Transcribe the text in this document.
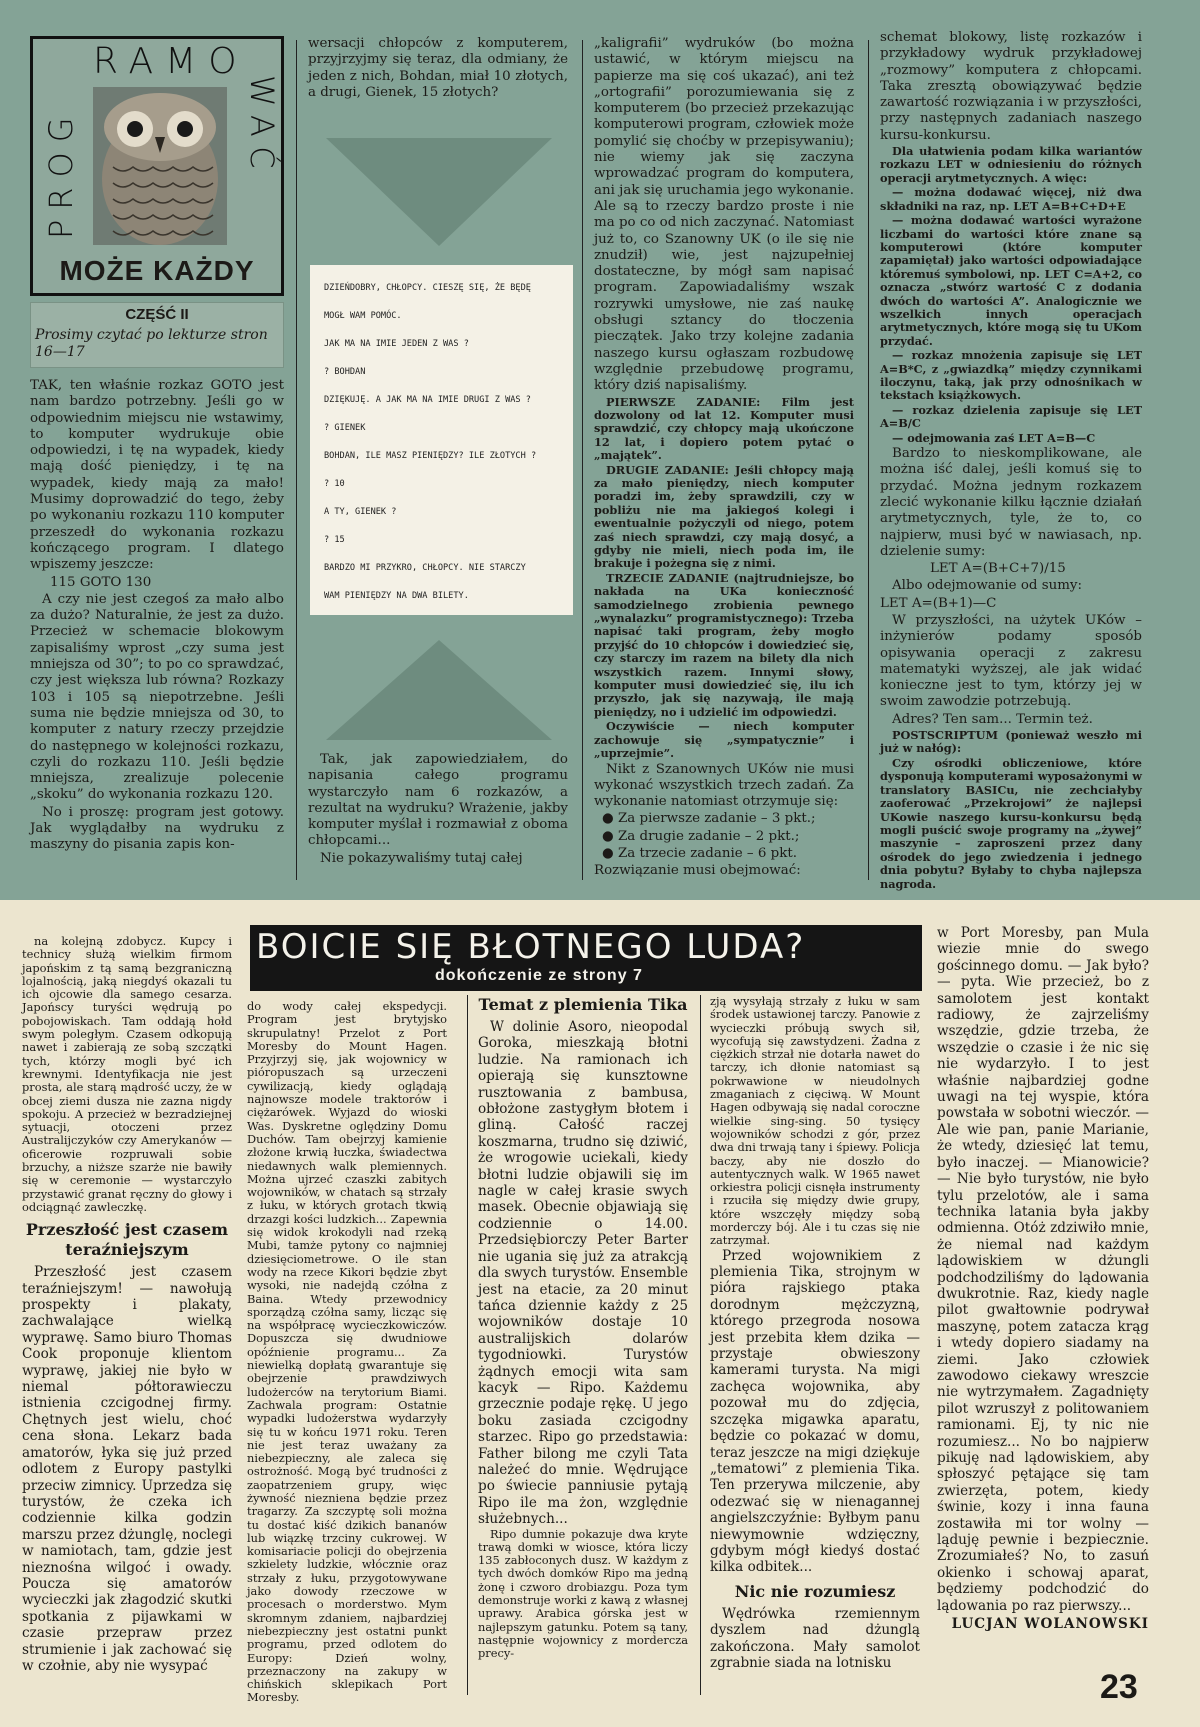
RAMO
PROG	WAĆ
MOŻE KAŻDY
CZĘŚĆ II
Prosimy czytać po lekturze stron 16—17

TAK, ten właśnie rozkaz GOTO jest nam bardzo potrzebny. Jeśli go w odpowiednim miejscu nie wstawimy, to komputer wydrukuje obie odpowiedzi, i tę na wypadek, kiedy mają dość pieniędzy, i tę na wypadek, kiedy mają za mało! Musimy doprowadzić do tego, żeby po wykonaniu rozkazu 110 komputer przeszedł do wykonania rozkazu kończącego program. I dlatego wpiszemy jeszcze:

115 GOTO 130

A czy nie jest czegoś za mało albo za dużo? Naturalnie, że jest za dużo. Przecież w schemacie blokowym zapisaliśmy wprost „czy suma jest mniejsza od 30”; to po co sprawdzać, czy jest większa lub równa? Rozkazy 103 i 105 są niepotrzebne. Jeśli suma nie będzie mniejsza od 30, to komputer z natury rzeczy przejdzie do następnego w kolejności rozkazu, czyli do rozkazu 110. Jeśli będzie mniejsza, zrealizuje polecenie „skoku” do wykonania rozkazu 120.

No i proszę: program jest gotowy. Jak wyglądałby na wydruku z maszyny do pisania zapis kon-

wersacji chłopców z komputerem, przyjrzyjmy się teraz, dla odmiany, że jeden z nich, Bohdan, miał 10 złotych, a drugi, Gienek, 15 złotych?

DZIEŃDOBRY, CHŁOPCY. CIESZĘ SIĘ, ŻE BĘDĘ
MOGŁ WAM POMÓC.
JAK MA NA IMIE JEDEN Z WAS ?
? BOHDAN
DZIĘKUJĘ. A JAK MA NA IMIE DRUGI Z WAS ?
? GIENEK
BOHDAN, ILE MASZ PIENIĘDZY? ILE ZŁOTYCH ?
? 10
A TY, GIENEK ?
? 15
BARDZO MI PRZYKRO, CHŁOPCY. NIE STARCZY
WAM PIENIĘDZY NA DWA BILETY.

Tak, jak zapowiedziałem, do napisania całego programu wystarczyło nam 6 rozkazów, a rezultat na wydruku? Wrażenie, jakby komputer myślał i rozmawiał z oboma chłopcami...

Nie pokazywaliśmy tutaj całej

„kaligrafii” wydruków (bo można ustawić, w którym miejscu na papierze ma się coś ukazać), ani też „ortografii” porozumiewania się z komputerem (bo przecież przekazując komputerowi program, człowiek może pomylić się choćby w przepisywaniu); nie wiemy jak się zaczyna wprowadzać program do komputera, ani jak się uruchamia jego wykonanie. Ale są to rzeczy bardzo proste i nie ma po co od nich zaczynać. Natomiast już to, co Szanowny UK (o ile się nie znudził) wie, jest najzupełniej dostateczne, by mógł sam napisać program. Zapowiadaliśmy wszak rozrywki umysłowe, nie zaś naukę obsługi sztancy do tłoczenia pieczątek. Jako trzy kolejne zadania naszego kursu ogłaszam rozbudowę względnie przebudowę programu, który dziś napisaliśmy.

PIERWSZE ZADANIE: Film jest dozwolony od lat 12. Komputer musi sprawdzić, czy chłopcy mają ukończone 12 lat, i dopiero potem pytać o „majątek”.

DRUGIE ZADANIE: Jeśli chłopcy mają za mało pieniędzy, niech komputer poradzi im, żeby sprawdzili, czy w pobliżu nie ma jakiegoś kolegi i ewentualnie pożyczyli od niego, potem zaś niech sprawdzi, czy mają dosyć, a gdyby nie mieli, niech poda im, ile brakuje i pożegna się z nimi.

TRZECIE ZADANIE (najtrudniejsze, bo nakłada na UKa konieczność samodzielnego zrobienia pewnego „wynalazku” programistycznego): Trzeba napisać taki program, żeby mogło przyjść do 10 chłopców i dowiedzieć się, czy starczy im razem na bilety dla nich wszystkich razem. Innymi słowy, komputer musi dowiedzieć się, ilu ich przyszło, jak się nazywają, ile mają pieniędzy, no i udzielić im odpowiedzi.

Oczywiście — niech komputer zachowuje się „sympatycznie” i „uprzejmie”.

Nikt z Szanownych UKów nie musi wykonać wszystkich trzech zadań. Za wykonanie natomiast otrzymuje się:

● Za pierwsze zadanie – 3 pkt.;

● Za drugie zadanie – 2 pkt.;

● Za trzecie zadanie – 6 pkt.

Rozwiązanie musi obejmować:

schemat blokowy, listę rozkazów i przykładowy wydruk przykładowej „rozmowy” komputera z chłopcami. Taka zresztą obowiązywać będzie zawartość rozwiązania i w przyszłości, przy następnych zadaniach naszego kursu-konkursu.

Dla ułatwienia podam kilka wariantów rozkazu LET w odniesieniu do różnych operacji arytmetycznych. A więc:

— można dodawać więcej, niż dwa składniki na raz, np. LET A=B+C+D+E

— można dodawać wartości wyrażone liczbami do wartości które znane są komputerowi (które komputer zapamiętał) jako wartości odpowiadające któremuś symbolowi, np. LET C=A+2, co oznacza „stwórz wartość C z dodania dwóch do wartości A”. Analogicznie we wszelkich innych operacjach arytmetycznych, które mogą się tu UKom przydać.

— rozkaz mnożenia zapisuje się LET A=B*C, z „gwiazdką” między czynnikami iloczynu, taką, jak przy odnośnikach w tekstach książkowych.

— rozkaz dzielenia zapisuje się LET A=B/C

— odejmowania zaś LET A=B—C

Bardzo to nieskomplikowane, ale można iść dalej, jeśli komuś się to przydać. Można jednym rozkazem zlecić wykonanie kilku łącznie działań arytmetycznych, tyle, że to, co najpierw, musi być w nawiasach, np. dzielenie sumy:

LET A=(B+C+7)/15

Albo odejmowanie od sumy:

LET A=(B+1)—C

W przyszłości, na użytek UKów – inżynierów podamy sposób opisywania operacji z zakresu matematyki wyższej, ale jak widać konieczne jest to tym, którzy jej w swoim zawodzie potrzebują.

Adres? Ten sam... Termin też.

POSTSCRIPTUM (ponieważ weszło mi już w nałóg):

Czy ośrodki obliczeniowe, które dysponują komputerami wyposażonymi w translatory BASICu, nie zechciałyby zaoferować „Przekrojowi” że najlepsi UKowie naszego kursu-konkursu będą mogli puścić swoje programy na „żywej” maszynie – zaproszeni przez dany ośrodek do jego zwiedzenia i jednego dnia pobytu? Byłaby to chyba najlepsza nagroda.

BOICIE SIĘ BŁOTNEGO LUDA?
dokończenie ze strony 7

na kolejną zdobycz. Kupcy i technicy służą wielkim firmom japońskim z tą samą bezgraniczną lojalnością, jaką niegdyś okazali tu ich ojcowie dla samego cesarza. Japońscy turyści wędrują po pobojowiskach. Tam oddają hołd swym poległym. Czasem odkopują nawet i zabierają ze sobą szczątki tych, którzy mogli być ich krewnymi. Identyfikacja nie jest prosta, ale starą mądrość uczy, że w obcej ziemi dusza nie zazna nigdy spokoju. A przecież w bezradziejnej sytuacji, otoczeni przez Australijczyków czy Amerykanów — oficerowie rozpruwali sobie brzuchy, a niższe szarże nie bawiły się w ceremonie — wystarczyło przystawić granat ręczny do głowy i odciągnąć zawleczkę.

Przeszłość jest czasem teraźniejszym

Przeszłość jest czasem teraźniejszym! — nawołują prospekty i plakaty, zachwalające wielką wyprawę. Samo biuro Thomas Cook proponuje klientom wyprawę, jakiej nie było w niemal półtorawieczu istnienia czcigodnej firmy. Chętnych jest wielu, choć cena słona. Lekarz bada amatorów, łyka się już przed odlotem z Europy pastylki przeciw zimnicy. Uprzedza się turystów, że czeka ich codziennie kilka godzin marszu przez dżunglę, noclegi w namiotach, tam, gdzie jest nieznośna wilgoć i owady. Poucza się amatorów wycieczki jak złagodzić skutki spotkania z pijawkami w czasie przepraw przez strumienie i jak zachować się w czołnie, aby nie wysypać

do wody całej ekspedycji. Program jest brytyjsko skrupulatny! Przelot z Port Moresby do Mount Hagen. Przyjrzyj się, jak wojownicy w pióropuszach są urzeczeni cywilizacją, kiedy oglądają najnowsze modele traktorów i ciężarówek. Wyjazd do wioski Was. Dyskretne oględziny Domu Duchów. Tam obejrzyj kamienie złożone krwią łuczka, świadectwa niedawnych walk plemiennych. Można ujrzeć czaszki zabitych wojowników, w chatach są strzały z łuku, w których grotach tkwią drzazgi kości ludzkich... Zapewnia się widok krokodyli nad rzeką Mubi, tamże pytony co najmniej dziesięciometrowe. O ile stan wody na rzece Kikori będzie zbyt wysoki, nie nadejdą czółna z Baina. Wtedy przewodnicy sporządzą czółna samy, licząc się na współpracę wycieczkowiczów. Dopuszcza się dwudniowe opóźnienie programu... Za niewielką dopłatą gwarantuje się obejrzenie prawdziwych ludożerców na terytorium Biami. Zachwala program: Ostatnie wypadki ludożerstwa wydarzyły się tu w końcu 1971 roku. Teren nie jest teraz uważany za niebezpieczny, ale zaleca się ostrożność. Mogą być trudności z zaopatrzeniem grupy, więc żywność niezniena będzie przez tragarzy. Za szczyptę soli można tu dostać kiść dzikich bananów lub wiązkę trzciny cukrowej. W komisariacie policji do obejrzenia szkielety ludzkie, włócznie oraz strzały z łuku, przygotowywane jako dowody rzeczowe w procesach o morderstwo. Mym skromnym zdaniem, najbardziej niebezpieczny jest ostatni punkt programu, przed odlotem do Europy: Dzień wolny, przeznaczony na zakupy w chińskich sklepikach Port Moresby.

Temat z plemienia Tika

W dolinie Asoro, nieopodal Goroka, mieszkają błotni ludzie. Na ramionach ich opierają się kunsztowne rusztowania z bambusa, obłożone zastygłym błotem i gliną. Całość raczej koszmarna, trudno się dziwić, że wrogowie uciekali, kiedy błotni ludzie objawili się im nagle w całej krasie swych masek. Obecnie objawiają się codziennie o 14.00. Przedsiębiorczy Peter Barter nie ugania się już za atrakcją dla swych turystów. Ensemble jest na etacie, za 20 minut tańca dziennie każdy z 25 wojowników dostaje 10 australijskich dolarów tygodniowki. Turystów żądnych emocji wita sam kacyk — Ripo. Każdemu grzecznie podaje rękę. U jego boku zasiada czcigodny starzec. Ripo go przedstawia: Father bilong me czyli Tata należeć do mnie. Wędrujące po świecie panniusie pytają Ripo ile ma żon, względnie służebnych...

Ripo dumnie pokazuje dwa kryte trawą domki w wiosce, która liczy 135 zabłoconych dusz. W każdym z tych dwóch domków Ripo ma jedną żonę i czworo drobiazgu. Poza tym demonstruje worki z kawą z własnej uprawy. Arabica górska jest w najlepszym gatunku. Potem są tany, następnie wojownicy z mordercza precy-

zją wysyłają strzały z łuku w sam środek ustawionej tarczy. Panowie z wycieczki próbują swych sił, wycofują się zawstydzeni. Żadna z ciężkich strzał nie dotarła nawet do tarczy, ich dłonie natomiast są pokrwawione w nieudolnych zmaganiach z cięciwą. W Mount Hagen odbywają się nadal coroczne wielkie sing-sing. 50 tysięcy wojowników schodzi z gór, przez dwa dni trwają tany i śpiewy. Policja baczy, aby nie doszło do autentycznych walk. W 1965 nawet orkiestra policji cisnęła instrumenty i rzuciła się między dwie grupy, które wszczęły między sobą morderczy bój. Ale i tu czas się nie zatrzymał.

Przed wojownikiem z plemienia Tika, strojnym w pióra rajskiego ptaka dorodnym mężczyzną, którego przegroda nosowa jest przebita kłem dzika — przystaje obwieszony kamerami turysta. Na migi zachęca wojownika, aby pozował mu do zdjęcia, szczęka migawka aparatu, będzie co pokazać w domu, teraz jeszcze na migi dziękuje „tematowi” z plemienia Tika. Ten przerywa milczenie, aby odezwać się w nienagannej angielszczyźnie: Byłbym panu niewymownie wdzięczny, gdybym mógł kiedyś dostać kilka odbitek...

Nic nie rozumiesz

Wędrówka rzemiennym dyszlem nad dżunglą zakończona. Mały samolot zgrabnie siada na lotnisku

w Port Moresby, pan Mula wiezie mnie do swego gościnnego domu. — Jak było? — pyta. Wie przecież, bo z samolotem jest kontakt radiowy, że zajrzeliśmy wszędzie, gdzie trzeba, że wszędzie o czasie i że nic się nie wydarzyło. I to jest właśnie najbardziej godne uwagi na tej wyspie, która powstała w sobotni wieczór. — Ale wie pan, panie Marianie, że wtedy, dziesięć lat temu, było inaczej. — Mianowicie? — Nie było turystów, nie było tylu przelotów, ale i sama technika latania była jakby odmienna. Otóż zdziwiło mnie, że niemal nad każdym lądowiskiem w dżungli podchodziliśmy do lądowania dwukrotnie. Raz, kiedy nagle pilot gwałtownie podrywał maszynę, potem zatacza krąg i wtedy dopiero siadamy na ziemi. Jako człowiek zawodowo ciekawy wreszcie nie wytrzymałem. Zagadnięty pilot wzruszył z politowaniem ramionami. Ej, ty nic nie rozumiesz... No bo najpierw pikuję nad lądowiskiem, aby spłoszyć pętające się tam zwierzęta, potem, kiedy świnie, kozy i inna fauna zostawiła mi tor wolny — ląduję pewnie i bezpiecznie. Zrozumiałeś? No, to zasuń okienko i schowaj aparat, będziemy podchodzić do lądowania po raz pierwszy...

LUCJAN WOLANOWSKI

23
